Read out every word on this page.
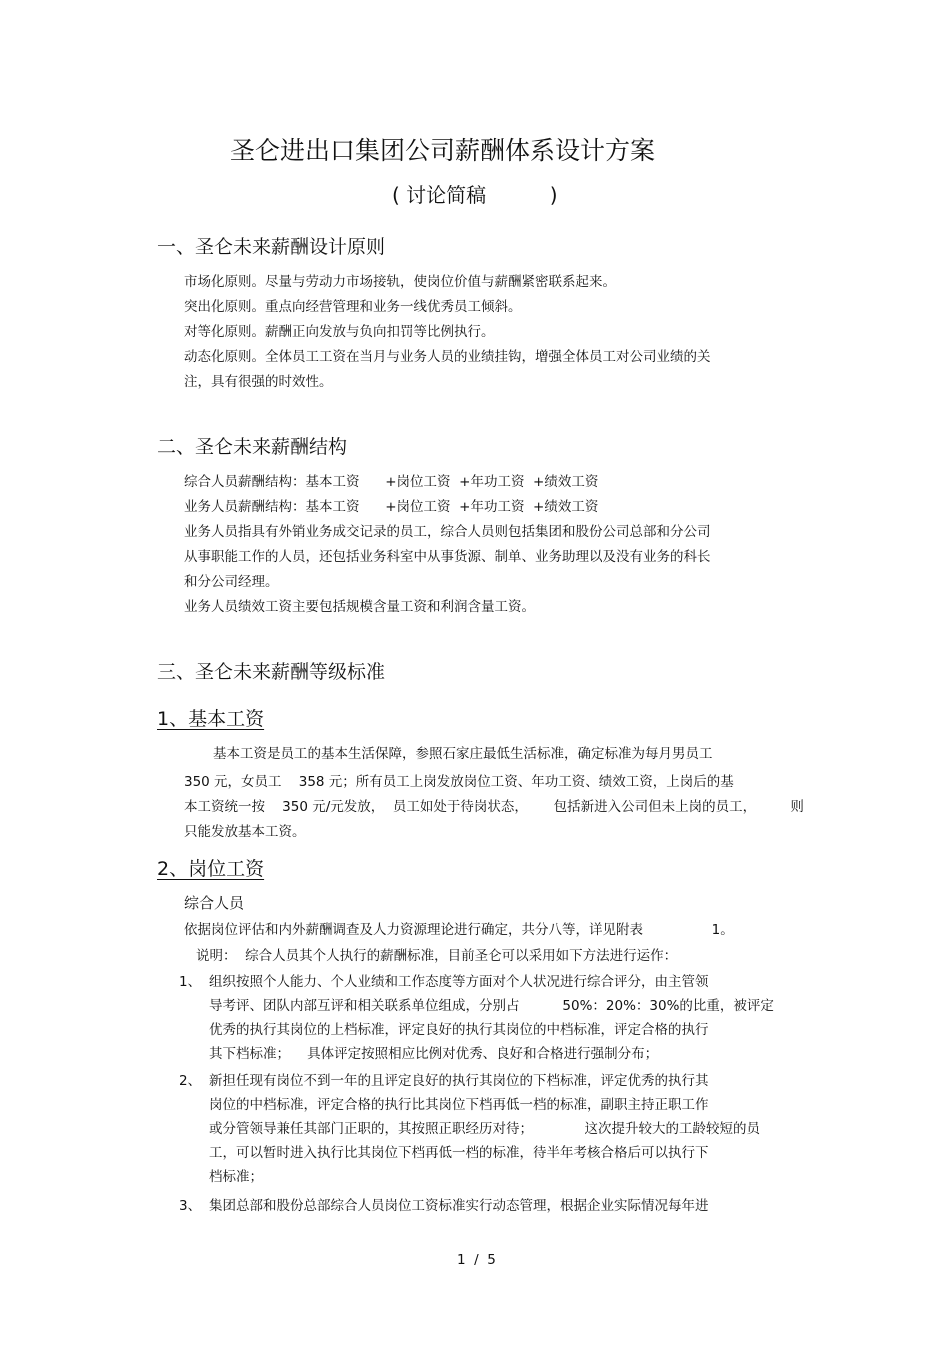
圣仑进出口集团公司薪酬体系设计方案
( 讨论简稿          )
一、圣仑未来薪酬设计原则
市场化原则。尽量与劳动力市场接轨，使岗位价值与薪酬紧密联系起来。
突出化原则。重点向经营管理和业务一线优秀员工倾斜。
对等化原则。薪酬正向发放与负向扣罚等比例执行。
动态化原则。全体员工工资在当月与业务人员的业绩挂钩，增强全体员工对公司业绩的关
注，具有很强的时效性。
二、圣仑未来薪酬结构
综合人员薪酬结构：基本工资      +岗位工资  +年功工资  +绩效工资
业务人员薪酬结构：基本工资      +岗位工资  +年功工资  +绩效工资
业务人员指具有外销业务成交记录的员工，综合人员则包括集团和股份公司总部和分公司
从事职能工作的人员，还包括业务科室中从事货源、制单、业务助理以及没有业务的科长
和分公司经理。
业务人员绩效工资主要包括规模含量工资和利润含量工资。
三、圣仑未来薪酬等级标准
1、基本工资
基本工资是员工的基本生活保障，参照石家庄最低生活标准，确定标准为每月男员工
350 元，女员工    358 元；所有员工上岗发放岗位工资、年功工资、绩效工资，上岗后的基
本工资统一按    350 元/元发放，  员工如处于待岗状态，      包括新进入公司但未上岗的员工，        则
只能发放基本工资。
2、岗位工资
综合人员
依据岗位评估和内外薪酬调查及人力资源理论进行确定，共分八等，详见附表                1。
说明：  综合人员其个人执行的薪酬标准，目前圣仑可以采用如下方法进行运作：
1、 组织按照个人能力、个人业绩和工作态度等方面对个人状况进行综合评分，由主管领
导考评、团队内部互评和相关联系单位组成，分别占          50%：20%：30%的比重，被评定
优秀的执行其岗位的上档标准，评定良好的执行其岗位的中档标准，评定合格的执行
其下档标准；    具体评定按照相应比例对优秀、良好和合格进行强制分布；
2、 新担任现有岗位不到一年的且评定良好的执行其岗位的下档标准，评定优秀的执行其
岗位的中档标准，评定合格的执行比其岗位下档再低一档的标准，副职主持正职工作
或分管领导兼任其部门正职的，其按照正职经历对待；            这次提升较大的工龄较短的员
工，可以暂时进入执行比其岗位下档再低一档的标准，待半年考核合格后可以执行下
档标准；
3、 集团总部和股份总部综合人员岗位工资标准实行动态管理，根据企业实际情况每年进
1  /  5
